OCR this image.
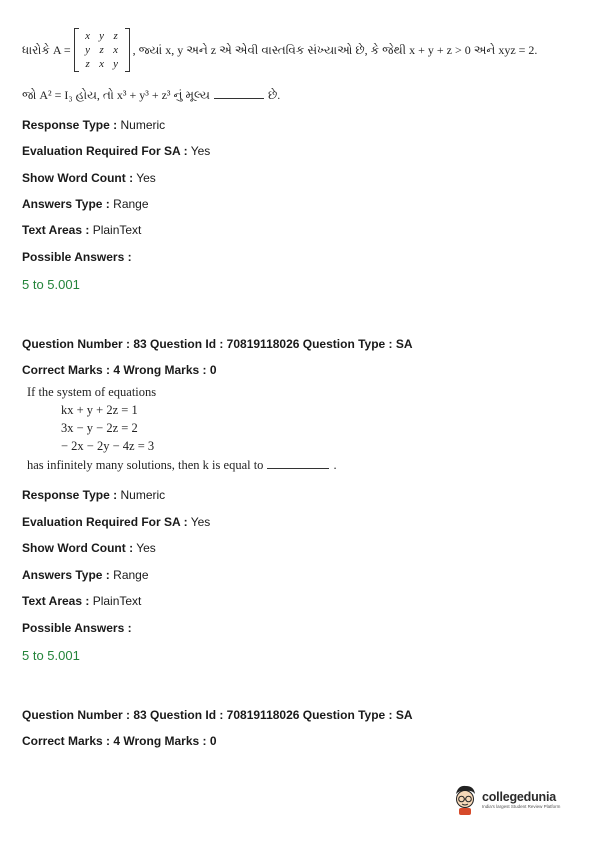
ધારોકે A =
x y z
y z x
z x y
, જ્યાં x, y અને z એ એવી વાસ્તવિક સંખ્યાઓ છે, કે જેથી x + y + z > 0 અને xyz = 2.
જો A² = I₃ હોય, તો x³ + y³ + z³ નું મૂલ્ય	છે.
Response Type : Numeric
Evaluation Required For SA : Yes
Show Word Count : Yes
Answers Type : Range
Text Areas : PlainText
Possible Answers :
5 to 5.001
Question Number : 83 Question Id : 70819118026 Question Type : SA
Correct Marks : 4 Wrong Marks : 0
If the system of equations
kx + y + 2z = 1
3x − y − 2z = 2
− 2x − 2y − 4z = 3
has infinitely many solutions, then k is equal to	.
Response Type : Numeric
Evaluation Required For SA : Yes
Show Word Count : Yes
Answers Type : Range
Text Areas : PlainText
Possible Answers :
5 to 5.001
Question Number : 83 Question Id : 70819118026 Question Type : SA
Correct Marks : 4 Wrong Marks : 0
collegedunia
India's largest Student Review Platform
